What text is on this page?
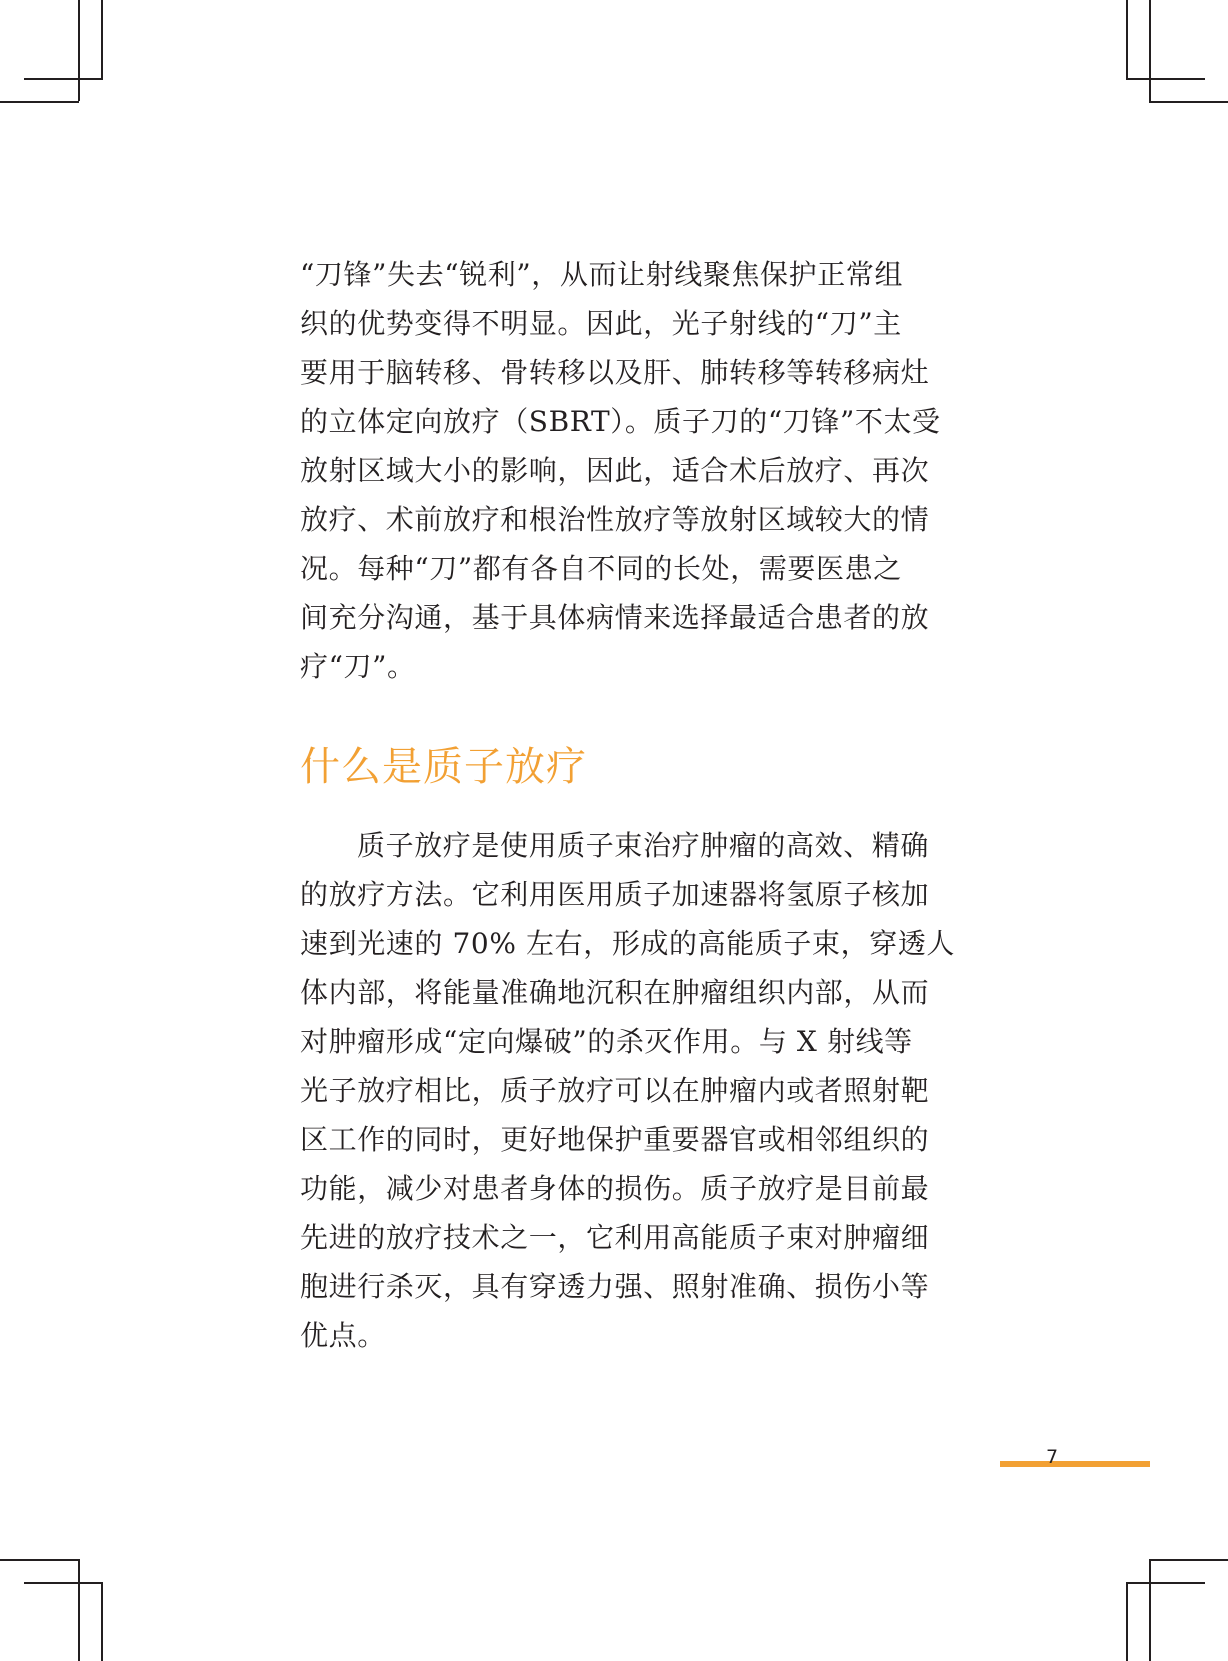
“刀锋”失去“锐利”，从而让射线聚焦保护正常组

织的优势变得不明显。因此，光子射线的“刀”主

要用于脑转移、骨转移以及肝、肺转移等转移病灶

的立体定向放疗（SBRT）。质子刀的“刀锋”不太受

放射区域大小的影响，因此，适合术后放疗、再次

放疗、术前放疗和根治性放疗等放射区域较大的情

况。每种“刀”都有各自不同的长处，需要医患之

间充分沟通，基于具体病情来选择最适合患者的放

疗“刀”。

什么是质子放疗

质子放疗是使用质子束治疗肿瘤的高效、精确

的放疗方法。它利用医用质子加速器将氢原子核加

速到光速的 70% 左右，形成的高能质子束，穿透人

体内部，将能量准确地沉积在肿瘤组织内部，从而

对肿瘤形成“定向爆破”的杀灭作用。与 X 射线等

光子放疗相比，质子放疗可以在肿瘤内或者照射靶

区工作的同时，更好地保护重要器官或相邻组织的

功能，减少对患者身体的损伤。质子放疗是目前最

先进的放疗技术之一，它利用高能质子束对肿瘤细

胞进行杀灭，具有穿透力强、照射准确、损伤小等

优点。

7
